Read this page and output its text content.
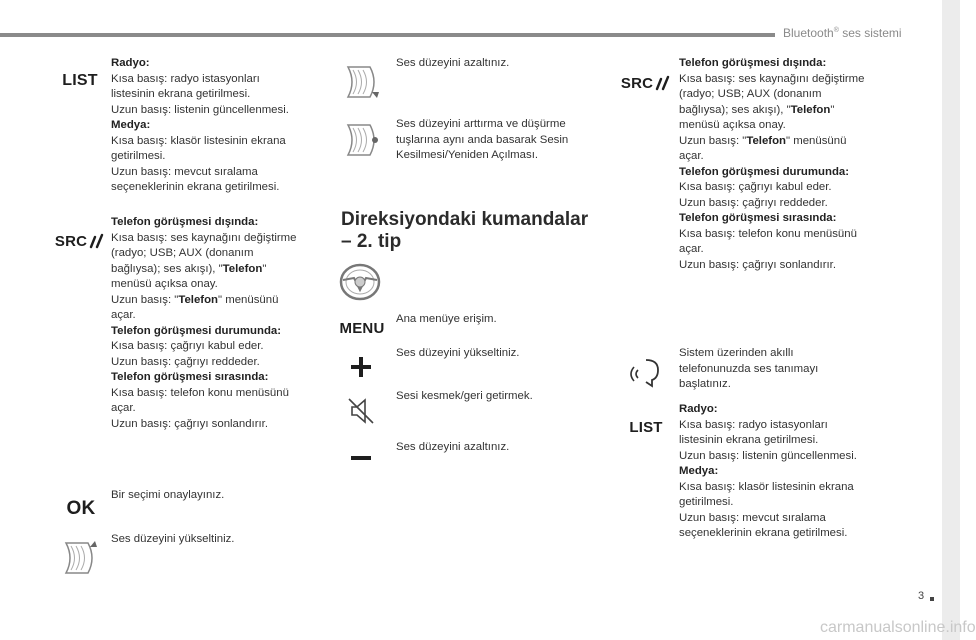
Bluetooth® ses sistemi
LIST
Radyo:
Kısa basış: radyo istasyonları
listesinin ekrana getirilmesi.
Uzun basış: listenin güncellenmesi.
Medya:
Kısa basış: klasör listesinin ekrana
getirilmesi.
Uzun basış: mevcut sıralama
seçeneklerinin ekrana getirilmesi.
SRC
Telefon görüşmesi dışında:
Kısa basış: ses kaynağını değiştirme
(radyo; USB; AUX (donanım
bağlıysa); ses akışı), "Telefon"
menüsü açıksa onay.
Uzun basış: "Telefon" menüsünü
açar.
Telefon görüşmesi durumunda:
Kısa basış: çağrıyı kabul eder.
Uzun basış: çağrıyı reddeder.
Telefon görüşmesi sırasında:
Kısa basış: telefon konu menüsünü
açar.
Uzun basış: çağrıyı sonlandırır.
OK
Bir seçimi onaylayınız.
Ses düzeyini yükseltiniz.
Ses düzeyini azaltınız.
Ses düzeyini arttırma ve düşürme
tuşlarına aynı anda basarak Sesin
Kesilmesi/Yeniden Açılması.
Direksiyondaki kumandalar
– 2. tip
MENU
Ana menüye erişim.
Ses düzeyini yükseltiniz.
Sesi kesmek/geri getirmek.
Ses düzeyini azaltınız.
SRC
Telefon görüşmesi dışında:
Kısa basış: ses kaynağını değiştirme
(radyo; USB; AUX (donanım
bağlıysa); ses akışı), "Telefon"
menüsü açıksa onay.
Uzun basış: "Telefon" menüsünü
açar.
Telefon görüşmesi durumunda:
Kısa basış: çağrıyı kabul eder.
Uzun basış: çağrıyı reddeder.
Telefon görüşmesi sırasında:
Kısa basış: telefon konu menüsünü
açar.
Uzun basış: çağrıyı sonlandırır.
Sistem üzerinden akıllı
telefonunuzda ses tanımayı
başlatınız.
LIST
Radyo:
Kısa basış: radyo istasyonları
listesinin ekrana getirilmesi.
Uzun basış: listenin güncellenmesi.
Medya:
Kısa basış: klasör listesinin ekrana
getirilmesi.
Uzun basış: mevcut sıralama
seçeneklerinin ekrana getirilmesi.
3
carmanualsonline.info
